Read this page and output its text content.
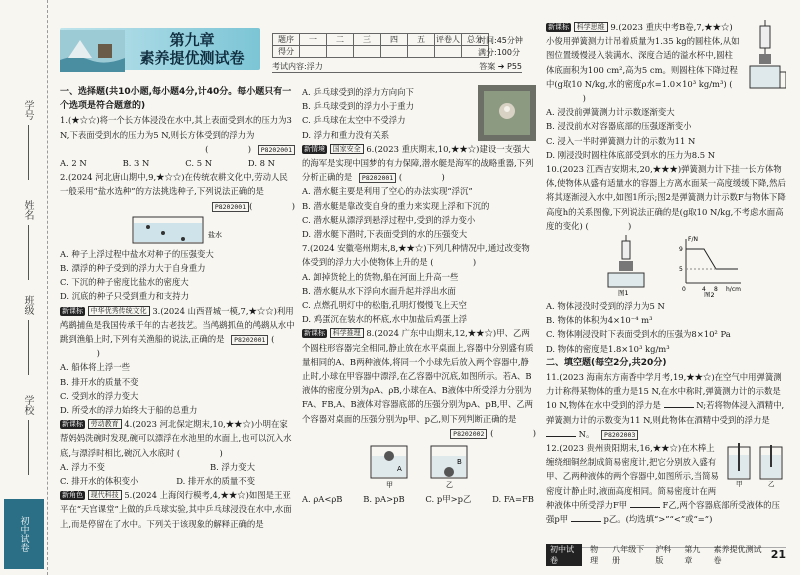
学号
姓名
班级
学校
初中试卷
第九章
素养提优测试卷
题序	一	二	三	四	五	评卷人	总分
得分							
时间:45分钟
满分:100分
考试内容:浮力	答案 ➔ P55
一、选择题(共10小题,每小题4分,计40分。每小题只有一个选项是符合题意的)
1.(★☆☆)将一个长方体浸没在水中,其上表面受到水的压力为3 N,下表面受到水的压力为5 N,则长方体受到的浮力为
(	) P8202001
A. 2 N	B. 3 N	C. 5 N	D. 8 N
2.(2024 河北唐山期中,9,★☆☆)在传统农耕文化中,劳动人民一般采用“盐水选种”的方法挑选种子,下列说法正确的是
P8202001 (	)
盐水
A. 种子上浮过程中盐水对种子的压强变大
B. 漂浮的种子受到的浮力大于自身重力
C. 下沉的种子密度比盐水的密度大
D. 沉底的种子只受到重力和支持力
新课标 中华优秀传统文化 3.(2024 山西晋城一模,7,★☆☆)利用鸬鹚捕鱼是我国传承千年的古老技艺。当鸬鹚抓鱼的鸬鹚从水中跳到渔船上时,下列有关渔船的说法,正确的是 P8202001 (  )
A. 船体将上浮一些
B. 排开水的质量不变
C. 受到水的浮力变大
D. 所受水的浮力始终大于船的总重力
新课标 劳动教育 4.(2023 河北保定期末,10,★★☆)小明在家帮妈妈洗碗时发现,碗可以漂浮在水池里的水面上,也可以沉入水底,与漂浮时相比,碗沉入水底时 (	)
A. 浮力不变	B. 浮力变大
C. 排开水的体积变小	D. 排开水的质量不变
新角色 现代科技 5.(2024 上海闵行模考,4,★★☆)如图是王亚平在“天宫课堂”上做的乒乓球实验,其中乒乓球浸没在水中,水面上,而是停留在了水中。下列关于该现象的解释正确的是
A. 乒乓球受到的浮力方向向下
B. 乒乓球受到的浮力小于重力
C. 乒乓球在太空中不受浮力
D. 浮力和重力没有关系
新情境 国家安全 6.(2023 重庆期末,10,★★☆)建设一支强大的海军是实现中国梦的有力保障,潜水艇是海军的战略重器,下列分析正确的是 P8202001 (	)
A. 潜水艇主要是利用了空心的办法实现“浮沉”
B. 潜水艇是靠改变自身的重力来实现上浮和下沉的
C. 潜水艇从漂浮到悬浮过程中,受到的浮力变小
D. 潜水艇下潜时,下表面受到的水的压强变大
7.(2024 安徽亳州期末,8,★★☆)下列几种情况中,通过改变物体受到的浮力大小使物体上升的是 (	)
A. 卸掉货轮上的货物,船在河面上升高一些
B. 潜水艇从水下浮向水面升起并浮出水面
C. 点燃孔明灯中的松脂,孔明灯慢慢飞上天空
D. 鸡蛋沉在装水的杯底,水中加盐后鸡蛋上浮
新课标 科学推理 8.(2024 广东中山期末,12,★★☆)甲、乙两个圆柱形容器完全相同,静止放在水平桌面上,容器中分别盛有质量相同的A、B两种液体,将同一个小球先后放入两个容器中,静止时,小球在甲容器中漂浮,在乙容器中沉底,如图所示。若A、B液体的密度分别为ρA、ρB,小球在A、B液体中所受浮力分别为FA、FB,A、B液体对容器底部的压强分别为pA、pB,甲、乙两个容器对桌面的压强分别为p甲、p乙,则下列判断正确的是
P8202002 (	)
A
B
甲	乙
A. ρA<ρB B. pA>pB C. p甲>p乙 D. FA=FB
新课标 科学思维 9.(2023 重庆中考B卷,7,★★☆)小俊用弹簧测力计吊着质量为1.35 kg的圆柱体,从如图位置缓慢浸入装满水、深度合适的溢水杯中,圆柱体底面积为100 cm²,高为5 cm。则圆柱体下降过程中(g取10 N/kg,水的密度ρ水=1.0×10³ kg/m³) (  )
A. 浸没前弹簧测力计示数逐渐变大
B. 浸没前水对容器底部的压强逐渐变小
C. 浸入一半时弹簧测力计的示数为11 N
D. 刚浸没时圆柱体底部受到水的压力为8.5 N
10.(2023 江西吉安期末,20,★★★)弹簧测力计下挂一长方体物体,使物体从盛有适量水的容器上方离水面某一高度缓缓下降,然后将其逐渐浸入水中,如图1所示;图2是弹簧测力计示数F与物体下降高度h的关系图像,下列说法正确的是(g取10 N/kg,不考虑水面高度的变化) (	)
图1
F/N
h/cm
9
5
0	4 8
图2
A. 物体浸没时受到的浮力为5 N
B. 物体的体积为4×10⁻⁴ m³
C. 物体刚浸没时下表面受到水的压强为8×10² Pa
D. 物体的密度是1.8×10³ kg/m³
二、填空题(每空2分,共20分)
11.(2023 海南东方南香中学月考,19,★★☆)在空气中用弹簧测力计称得某物体的重力是15 N,在水中称时,弹簧测力计的示数是10 N,物体在水中受到的浮力是	N;若将物体浸入酒精中,弹簧测力计的示数变为11 N,则此物体在酒精中受到的浮力是  N。 P8202003
甲	乙
12.(2023 贵州贵阳期末,16,★★☆)在木棒上缠绕细铜丝制成简易密度计,把它分别放入盛有甲、乙两种液体的两个容器中,如图所示,当简易密度计静止时,液面高度相同。简易密度计在两种液体中所受浮力F甲	F乙,两个容器底部所受液体的压强p甲	p乙。(均选填“>”“<”或“=”)
初中试卷
物理
八年级下册
沪科版
第九章
素养提优测试卷	21
